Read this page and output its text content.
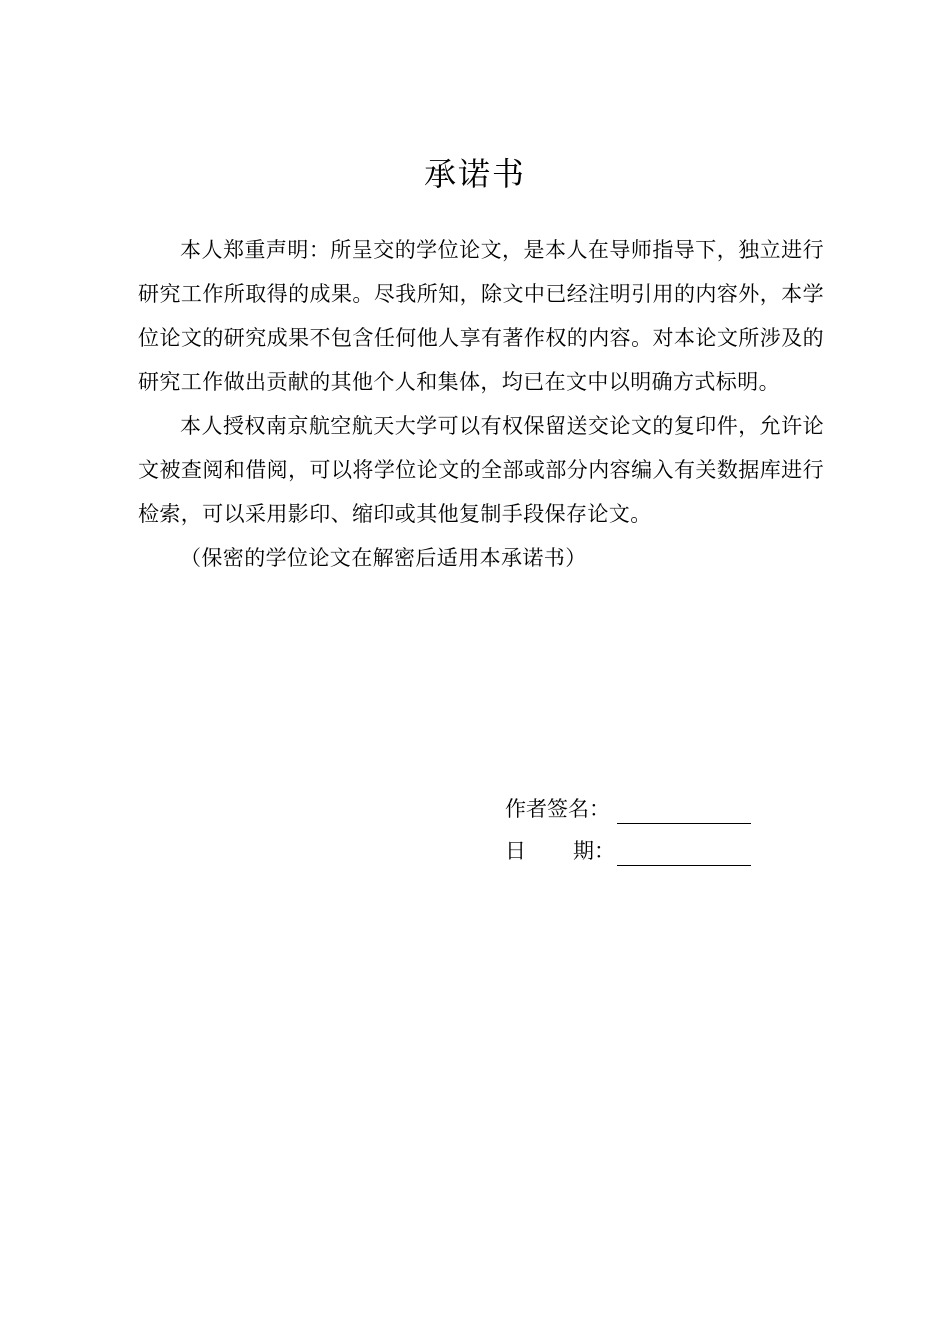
承诺书

本人郑重声明：所呈交的学位论文，是本人在导师指导下，独立进行研究工作所取得的成果。尽我所知，除文中已经注明引用的内容外，本学位论文的研究成果不包含任何他人享有著作权的内容。对本论文所涉及的研究工作做出贡献的其他个人和集体，均已在文中以明确方式标明。

本人授权南京航空航天大学可以有权保留送交论文的复印件，允许论文被查阅和借阅，可以将学位论文的全部或部分内容编入有关数据库进行检索，可以采用影印、缩印或其他复制手段保存论文。

（保密的学位论文在解密后适用本承诺书）

作者签名：
日 期：
